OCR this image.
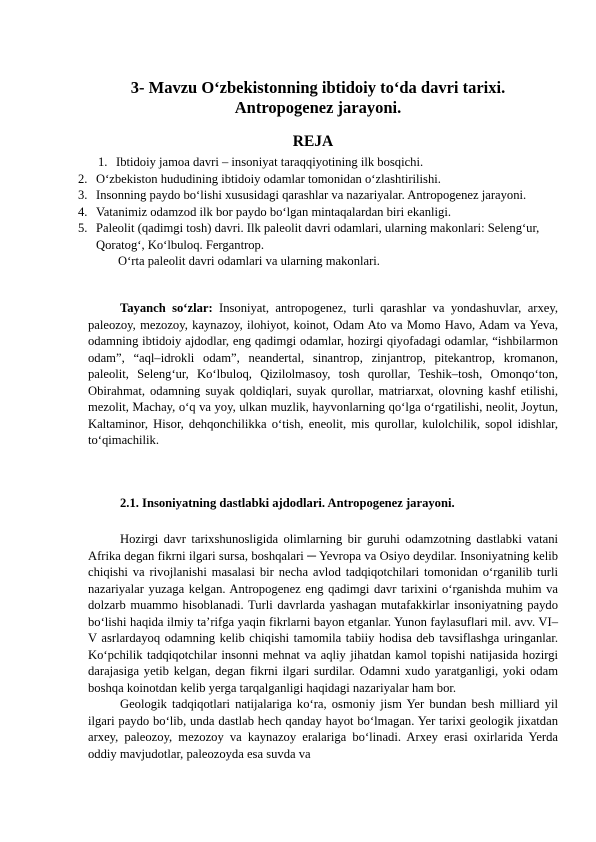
3- Mavzu O‘zbekistonning ibtidoiy to‘da davri tarixi.
Antropogenez jarayoni.
REJA
1. Ibtidoiy jamoa davri – insoniyat taraqqiyotining ilk bosqichi.
2. O‘zbekiston hududining ibtidoiy odamlar tomonidan o‘zlashtirilishi.
3. Insonning paydo bo‘lishi xususidagi qarashlar va nazariyalar. Antropogenez jarayoni.
4. Vatanimiz odamzod ilk bor paydo bo‘lgan mintaqalardan biri ekanligi.
5. Paleolit (qadimgi tosh) davri. Ilk paleolit davri odamlari, ularning makonlari: Seleng‘ur, Qoratog‘, Ko‘lbuloq. Fergantrop.
O‘rta paleolit davri odamlari va ularning makonlari.

Tayanch so‘zlar: Insoniyat, antropogenez, turli qarashlar va yondashuvlar, arxey, paleozoy, mezozoy, kaynazoy, ilohiyot, koinot, Odam Ato va Momo Havo, Adam va Yeva, odamning ibtidoiy ajdodlar, eng qadimgi odamlar, hozirgi qiyofadagi odamlar, “ishbilarmon odam”, “aql–idrokli odam”, neandertal, sinantrop, zinjantrop, pitekantrop, kromanon, paleolit, Seleng‘ur, Ko‘lbuloq, Qizilolmasoy, tosh qurollar, Teshik–tosh, Omonqo‘ton, Obirahmat, odamning suyak qoldiqlari, suyak qurollar, matriarxat, olovning kashf etilishi, mezolit, Machay, o‘q va yoy, ulkan muzlik, hayvonlarning qo‘lga o‘rgatilishi, neolit, Joytun, Kaltaminor, Hisor, dehqonchilikka o‘tish, eneolit, mis qurollar, kulolchilik, sopol idishlar, to‘qimachilik.

2.1. Insoniyatning dastlabki ajdodlari. Antropogenez jarayoni.

Hozirgi davr tarixshunosligida olimlarning bir guruhi odamzotning dastlabki vatani Afrika degan fikrni ilgari sursa, boshqalari ─ Yevropa va Osiyo deydilar. Insoniyatning kelib chiqishi va rivojlanishi masalasi bir necha avlod tadqiqotchilari tomonidan o‘rganilib turli nazariyalar yuzaga kelgan. Antropogenez eng qadimgi davr tarixini o‘rganishda muhim va dolzarb muammo hisoblanadi. Turli davrlarda yashagan mutafakkirlar insoniyatning paydo bo‘lishi haqida ilmiy ta’rifga yaqin fikrlarni bayon etganlar. Yunon faylasuflari mil. avv. VI–V asrlardayoq odamning kelib chiqishi tamomila tabiiy hodisa deb tavsiflashga uringanlar. Ko‘pchilik tadqiqotchilar insonni mehnat va aqliy jihatdan kamol topishi natijasida hozirgi darajasiga yetib kelgan, degan fikrni ilgari surdilar. Odamni xudo yaratganligi, yoki odam boshqa koinotdan kelib yerga tarqalganligi haqidagi nazariyalar ham bor.

Geologik tadqiqotlari natijalariga ko‘ra, osmoniy jism Yer bundan besh milliard yil ilgari paydo bo‘lib, unda dastlab hech qanday hayot bo‘lmagan. Yer tarixi geologik jixatdan arxey, paleozoy, mezozoy va kaynazoy eralariga bo‘linadi. Arxey erasi oxirlarida Yerda oddiy mavjudotlar, paleozoyda esa suvda va
